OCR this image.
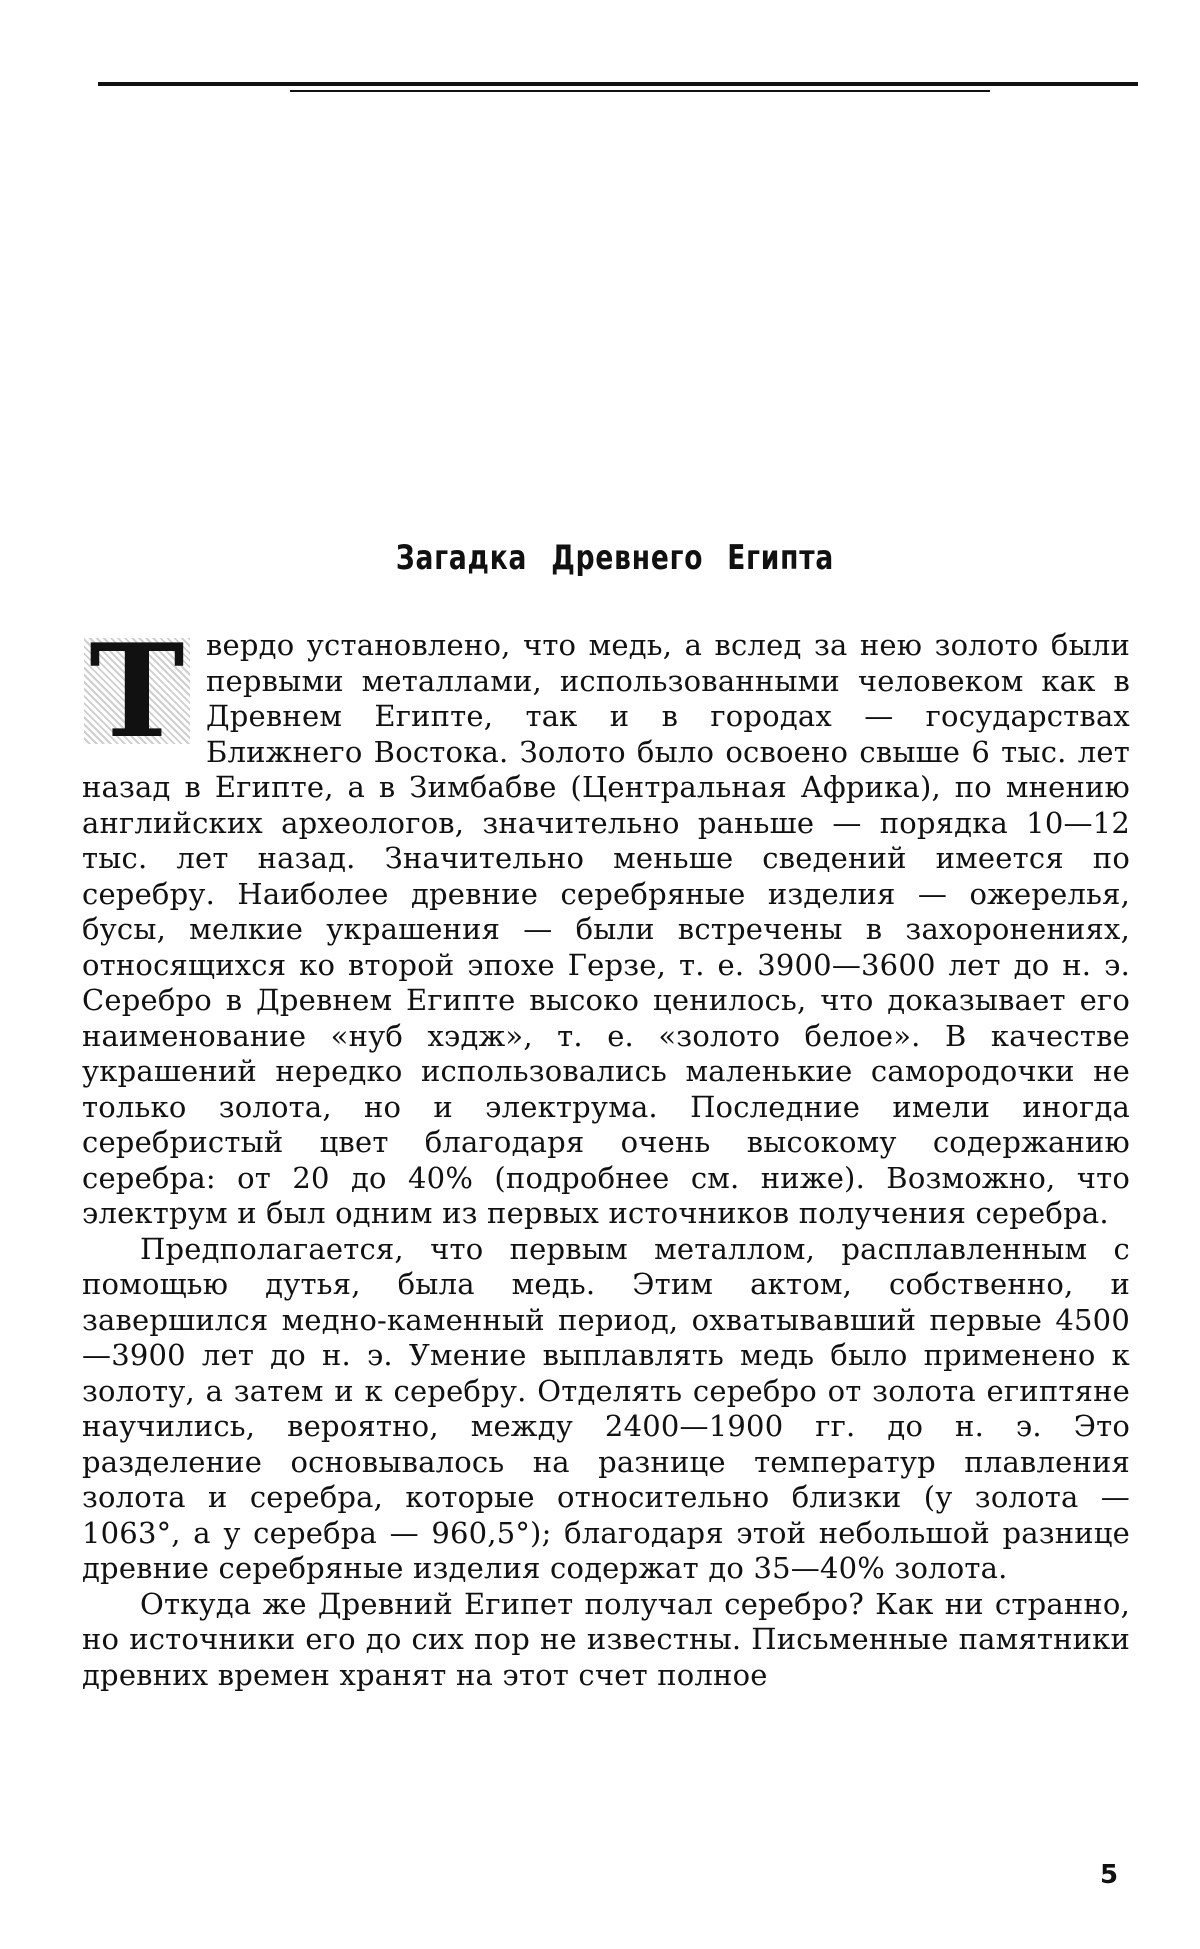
Загадка Древнего Египта
Т вердо установлено, что медь, а вслед за нею золото были первыми металлами, использованными человеком как в Древнем Египте, так и в городах — государствах Ближнего Востока. Золото было освоено свыше 6 тыс. лет назад в Египте, а в Зимбабве (Центральная Африка), по мнению английских археологов, значительно раньше — порядка 10—12 тыс. лет назад. Значительно меньше сведений имеется по серебру. Наиболее древние серебряные изделия — ожерелья, бусы, мелкие украшения — были встречены в захоронениях, относящихся ко второй эпохе Герзе, т. е. 3900—3600 лет до н. э. Серебро в Древнем Египте высоко ценилось, что доказывает его наименование «нуб хэдж», т. е. «золото белое». В качестве украшений нередко использовались маленькие самородочки не только золота, но и электрума. Последние имели иногда серебристый цвет благодаря очень высокому содержанию серебра: от 20 до 40% (подробнее см. ниже). Возможно, что электрум и был одним из первых источников получения серебра.

Предполагается, что первым металлом, расплавленным с помощью дутья, была медь. Этим актом, собственно, и завершился медно-каменный период, охватывавший первые 4500—3900 лет до н. э. Умение выплавлять медь было применено к золоту, а затем и к серебру. Отделять серебро от золота египтяне научились, вероятно, между 2400—1900 гг. до н. э. Это разделение основывалось на разнице температур плавления золота и серебра, которые относительно близки (у золота — 1063°, а у серебра — 960,5°); благодаря этой небольшой разнице древние серебряные изделия содержат до 35—40% золота.

Откуда же Древний Египет получал серебро? Как ни странно, но источники его до сих пор не известны. Письменные памятники древних времен хранят на этот счет полное

5
